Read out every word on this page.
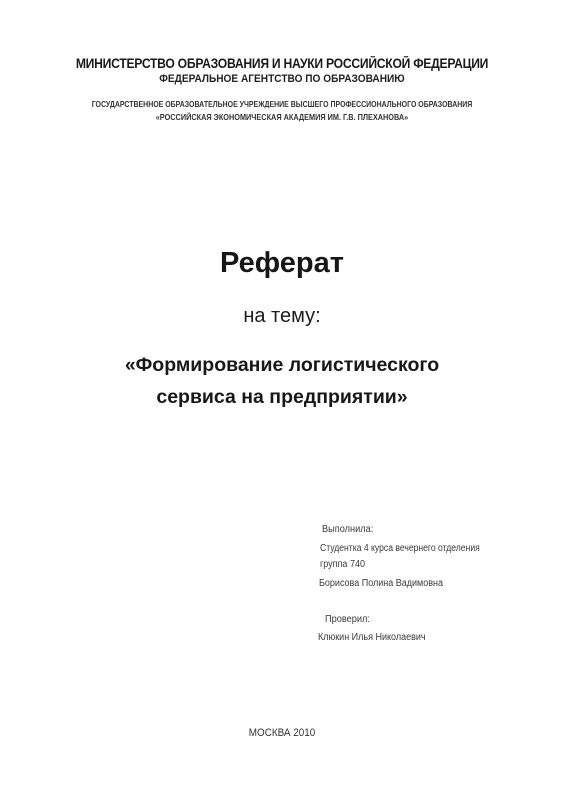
МИНИСТЕРСТВО ОБРАЗОВАНИЯ И НАУКИ РОССИЙСКОЙ ФЕДЕРАЦИИ
ФЕДЕРАЛЬНОЕ АГЕНТСТВО ПО ОБРАЗОВАНИЮ
ГОСУДАРСТВЕННОЕ ОБРАЗОВАТЕЛЬНОЕ УЧРЕЖДЕНИЕ ВЫСШЕГО ПРОФЕССИОНАЛЬНОГО ОБРАЗОВАНИЯ
«РОССИЙСКАЯ ЭКОНОМИЧЕСКАЯ АКАДЕМИЯ ИМ. Г.В. ПЛЕХАНОВА»
Реферат
на тему:
«Формирование логистического
сервиса на предприятии»
Выполнила:
Студентка 4 курса вечернего отделения
группа 740
Борисова Полина Вадимовна
Проверил:
Клюкин Илья Николаевич
МОСКВА 2010
